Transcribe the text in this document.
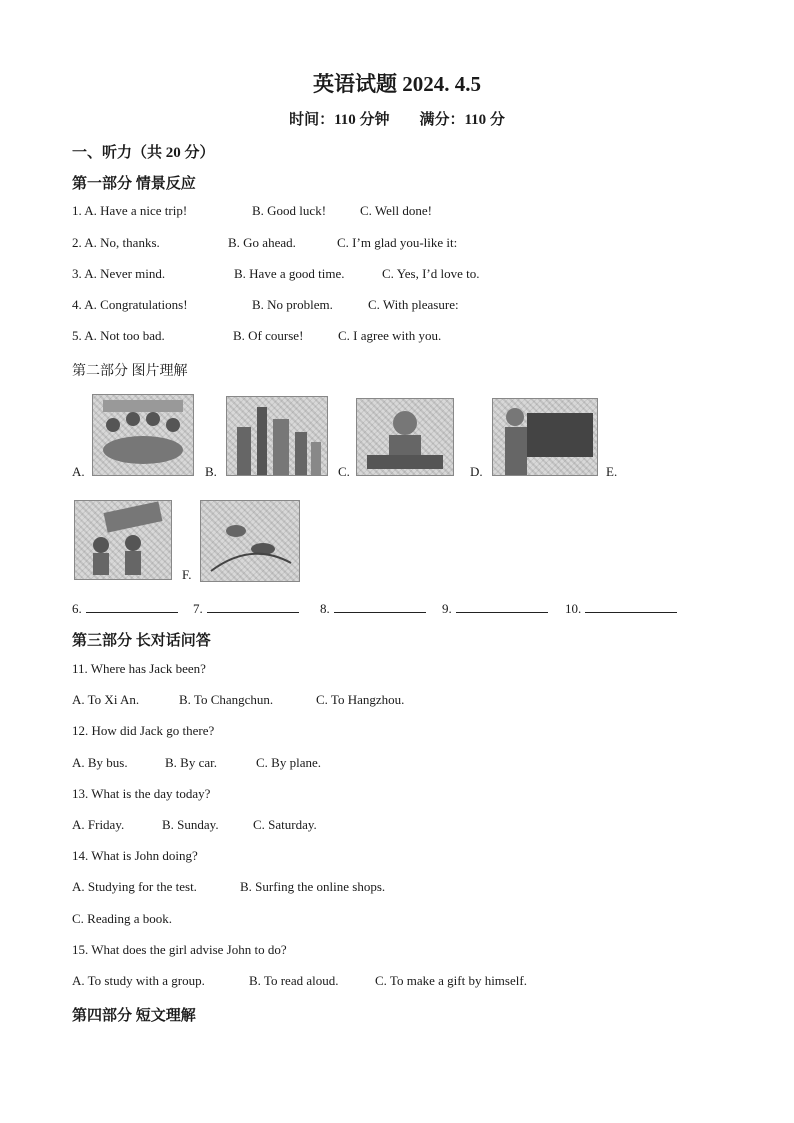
英语试题 2024. 4.5
时间：110 分钟 满分：110 分
一、听力（共 20 分）
第一部分 情景反应
1. A. Have a nice trip!	B. Good luck!	C. Well done!
2. A. No, thanks.	B. Go ahead.	C. I’m glad you-like it:
3. A. Never mind.	B. Have a good time.	C. Yes, I’d love to.
4. A. Congratulations!	B. No problem.	C. With pleasure:
5. A. Not too bad.	B. Of course!	C. I agree with you.
第二部分 图片理解
A.	B.	C.	D.	E.
F.
6.	7.	8.	9.	10.
第三部分 长对话问答
11. Where has Jack been?
A. To Xi An.	B. To Changchun.	C. To Hangzhou.
12. How did Jack go there?
A. By bus.	B. By car.	C. By plane.
13. What is the day today?
A. Friday.	B. Sunday.	C. Saturday.
14. What is John doing?
A. Studying for the test.	B. Surfing the online shops.
C. Reading a book.
15. What does the girl advise John to do?
A. To study with a group.	B. To read aloud.	C. To make a gift by himself.
第四部分 短文理解
